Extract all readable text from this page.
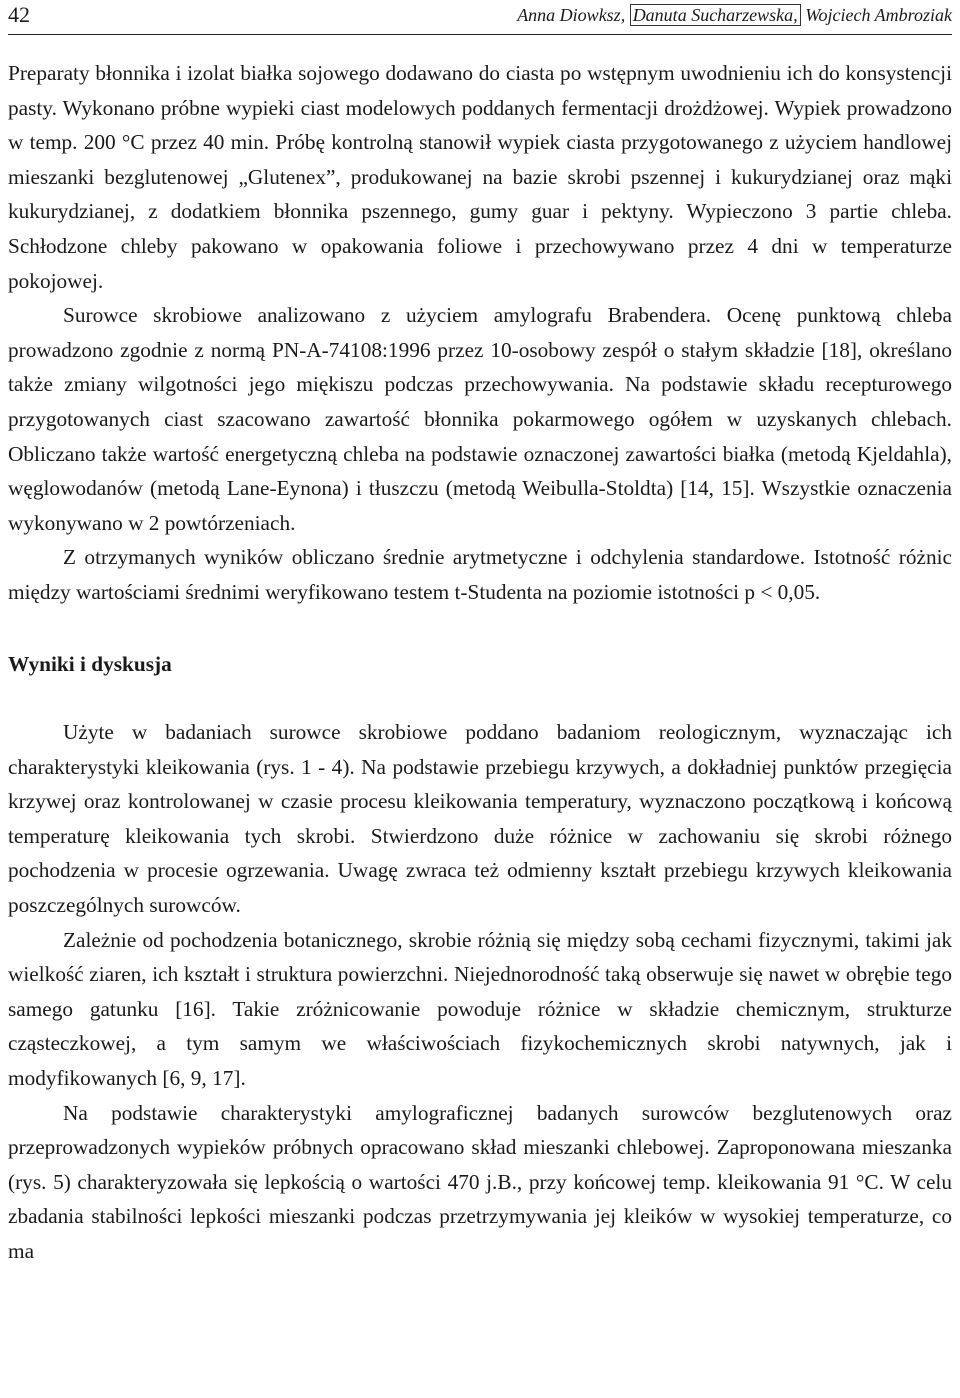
42	Anna Diowksz, Danuta Sucharzewska, Wojciech Ambroziak

Preparaty błonnika i izolat białka sojowego dodawano do ciasta po wstępnym uwodnieniu ich do konsystencji pasty. Wykonano próbne wypieki ciast modelowych poddanych fermentacji drożdżowej. Wypiek prowadzono w temp. 200 °C przez 40 min. Próbę kontrolną stanowił wypiek ciasta przygotowanego z użyciem handlowej mieszanki bezglutenowej „Glutenex”, produkowanej na bazie skrobi pszennej i kukurydzianej oraz mąki kukurydzianej, z dodatkiem błonnika pszennego, gumy guar i pektyny. Wypieczono 3 partie chleba. Schłodzone chleby pakowano w opakowania foliowe i przechowywano przez 4 dni w temperaturze pokojowej.

Surowce skrobiowe analizowano z użyciem amylografu Brabendera. Ocenę punktową chleba prowadzono zgodnie z normą PN-A-74108:1996 przez 10-osobowy zespół o stałym składzie [18], określano także zmiany wilgotności jego miękiszu podczas przechowywania. Na podstawie składu recepturowego przygotowanych ciast szacowano zawartość błonnika pokarmowego ogółem w uzyskanych chlebach. Obliczano także wartość energetyczną chleba na podstawie oznaczonej zawartości białka (metodą Kjeldahla), węglowodanów (metodą Lane-Eynona) i tłuszczu (metodą Weibulla-Stoldta) [14, 15]. Wszystkie oznaczenia wykonywano w 2 powtórzeniach.

Z otrzymanych wyników obliczano średnie arytmetyczne i odchylenia standardowe. Istotność różnic między wartościami średnimi weryfikowano testem t-Studenta na poziomie istotności p < 0,05.

Wyniki i dyskusja

Użyte w badaniach surowce skrobiowe poddano badaniom reologicznym, wyznaczając ich charakterystyki kleikowania (rys. 1 - 4). Na podstawie przebiegu krzywych, a dokładniej punktów przegięcia krzywej oraz kontrolowanej w czasie procesu kleikowania temperatury, wyznaczono początkową i końcową temperaturę kleikowania tych skrobi. Stwierdzono duże różnice w zachowaniu się skrobi różnego pochodzenia w procesie ogrzewania. Uwagę zwraca też odmienny kształt przebiegu krzywych kleikowania poszczególnych surowców.

Zależnie od pochodzenia botanicznego, skrobie różnią się między sobą cechami fizycznymi, takimi jak wielkość ziaren, ich kształt i struktura powierzchni. Niejednorodność taką obserwuje się nawet w obrębie tego samego gatunku [16]. Takie zróżnicowanie powoduje różnice w składzie chemicznym, strukturze cząsteczkowej, a tym samym we właściwościach fizykochemicznych skrobi natywnych, jak i modyfikowanych [6, 9, 17].

Na podstawie charakterystyki amylograficznej badanych surowców bezglutenowych oraz przeprowadzonych wypieków próbnych opracowano skład mieszanki chlebowej. Zaproponowana mieszanka (rys. 5) charakteryzowała się lepkością o wartości 470 j.B., przy końcowej temp. kleikowania 91 °C. W celu zbadania stabilności lepkości mieszanki podczas przetrzymywania jej kleików w wysokiej temperaturze, co ma
